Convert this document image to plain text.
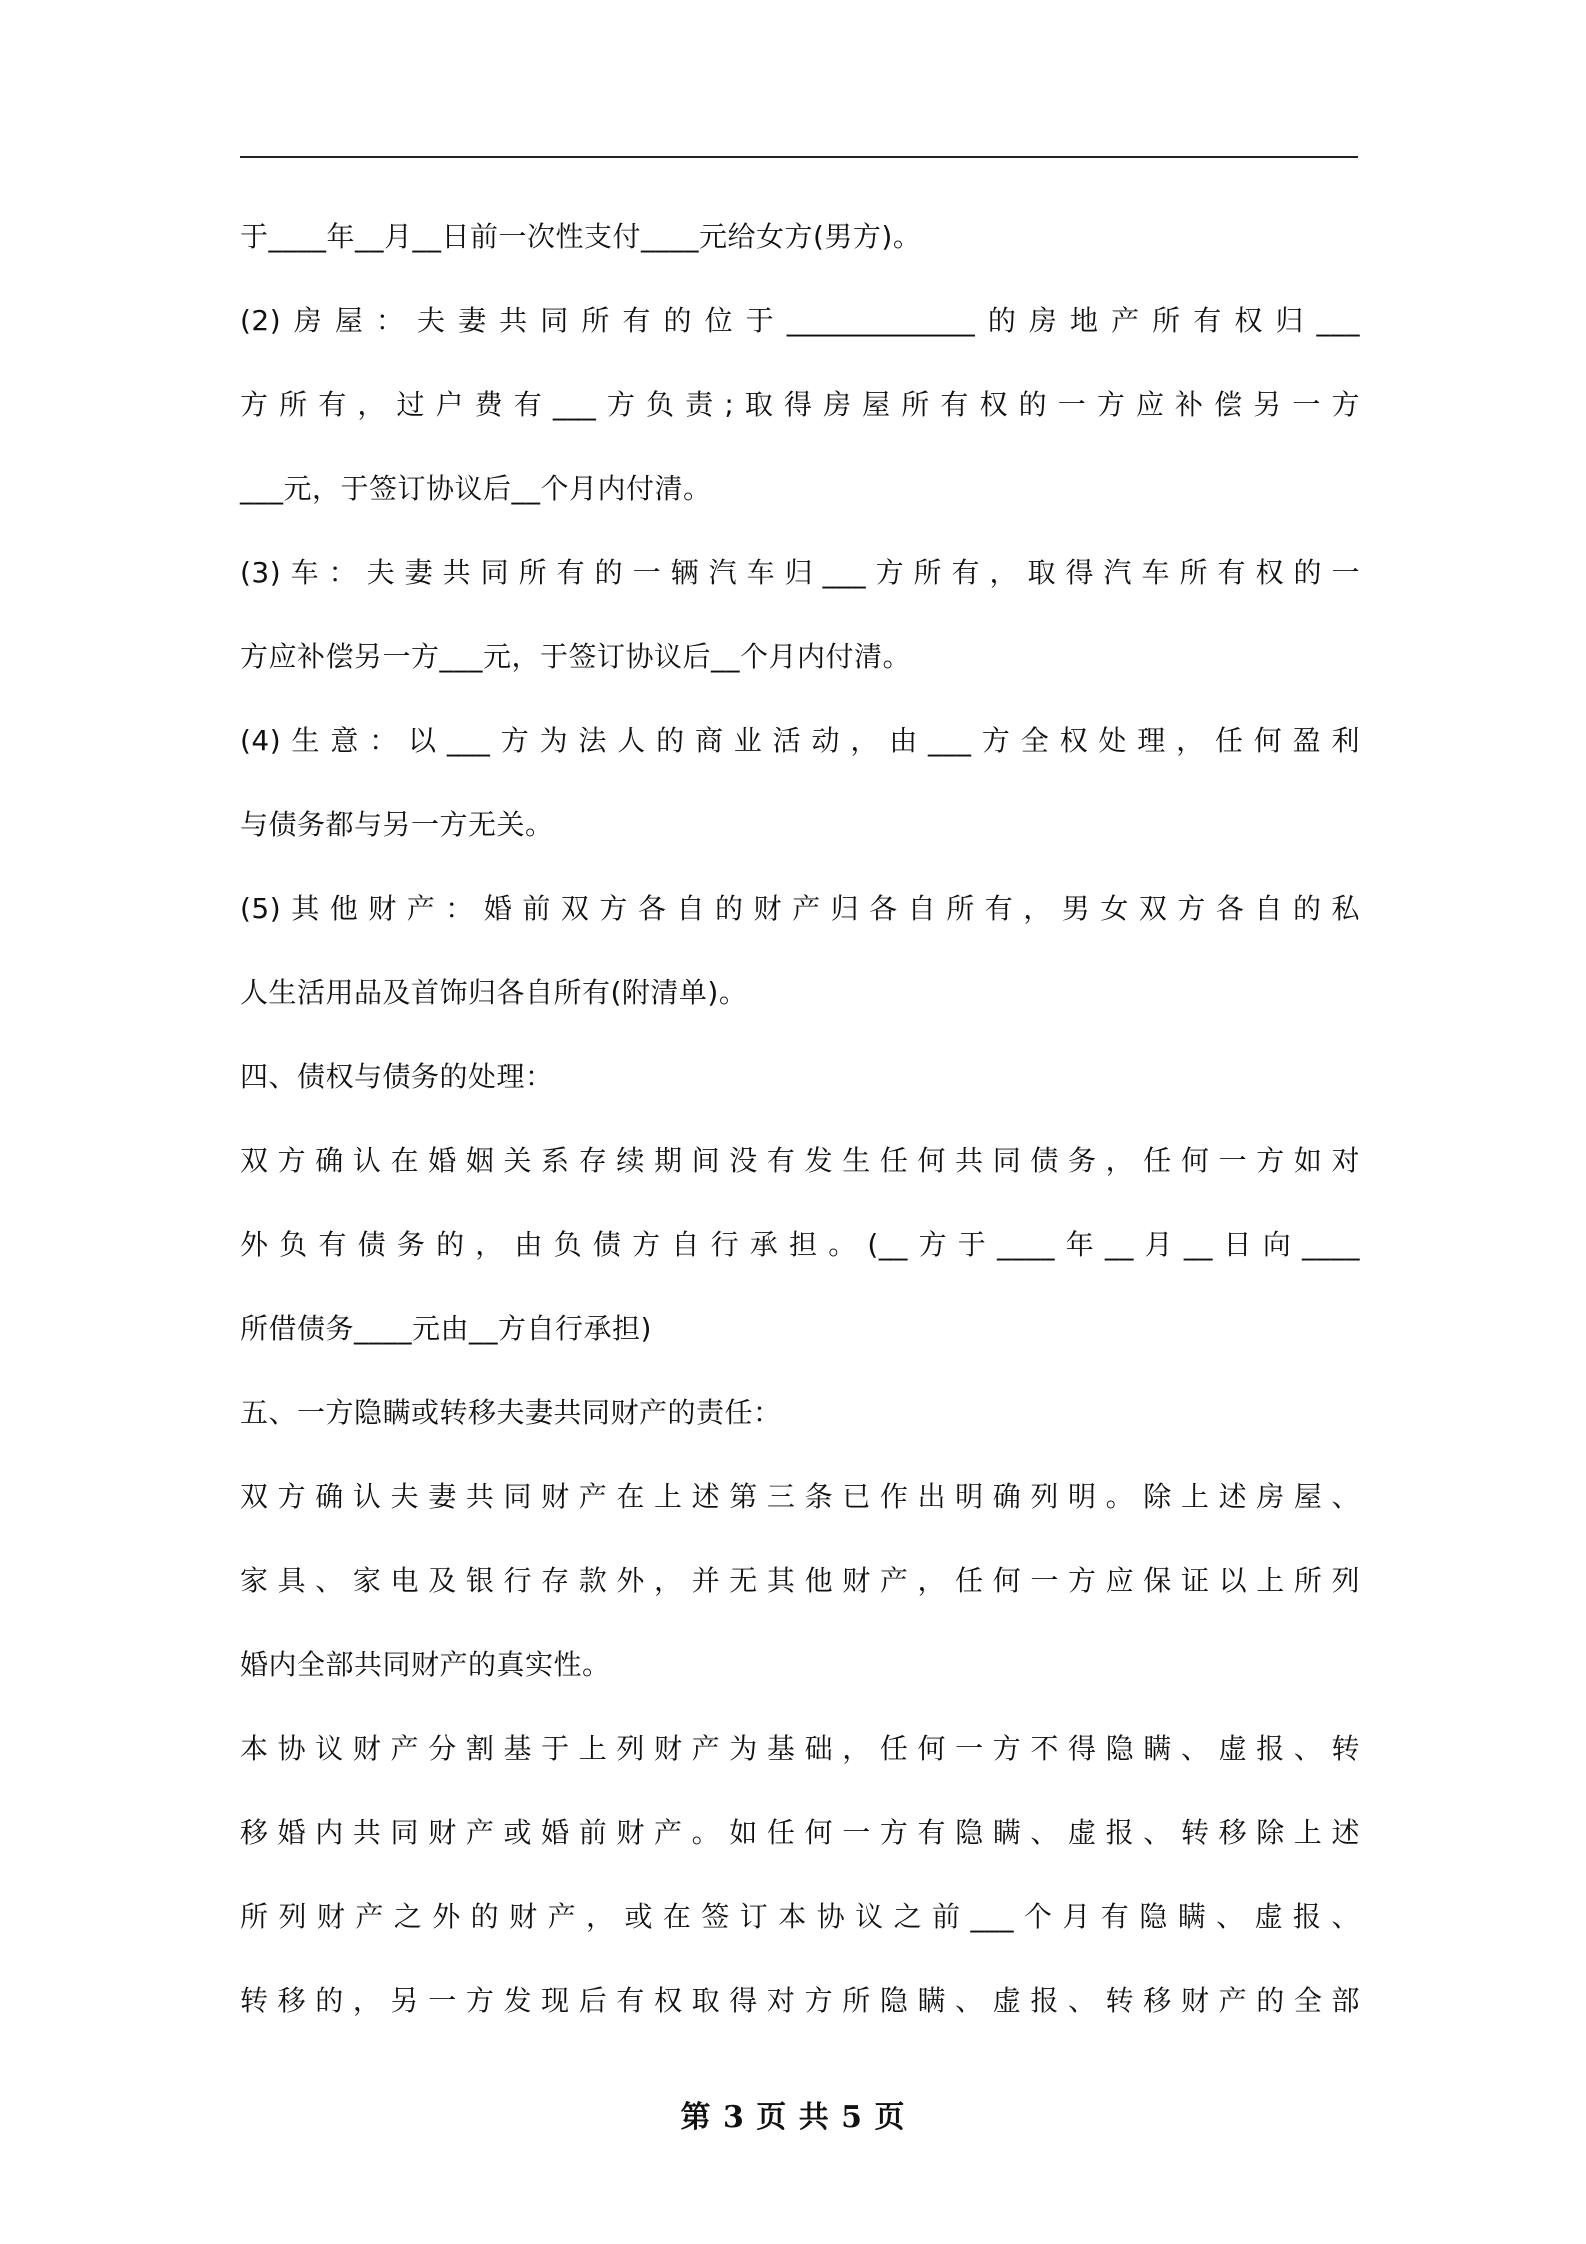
于____年__月__日前一次性支付____元给女方(男方)。
(2)房屋：夫妻共同所有的位于_____________的房地产所有权归___
方所有，过户费有___方负责;取得房屋所有权的一方应补偿另一方
___元，于签订协议后__个月内付清。
(3)车：夫妻共同所有的一辆汽车归___方所有，取得汽车所有权的一
方应补偿另一方___元，于签订协议后__个月内付清。
(4)生意：以___方为法人的商业活动，由___方全权处理，任何盈利
与债务都与另一方无关。
(5)其他财产：婚前双方各自的财产归各自所有，男女双方各自的私
人生活用品及首饰归各自所有(附清单)。
四、债权与债务的处理：
双方确认在婚姻关系存续期间没有发生任何共同债务，任何一方如对
外负有债务的，由负债方自行承担。(__方于____年__月__日向____
所借债务____元由__方自行承担)
五、一方隐瞒或转移夫妻共同财产的责任：
双方确认夫妻共同财产在上述第三条已作出明确列明。除上述房屋、
家具、家电及银行存款外，并无其他财产，任何一方应保证以上所列
婚内全部共同财产的真实性。
本协议财产分割基于上列财产为基础，任何一方不得隐瞒、虚报、转
移婚内共同财产或婚前财产。如任何一方有隐瞒、虚报、转移除上述
所列财产之外的财产，或在签订本协议之前___个月有隐瞒、虚报、
转移的，另一方发现后有权取得对方所隐瞒、虚报、转移财产的全部
第 3 页 共 5 页
